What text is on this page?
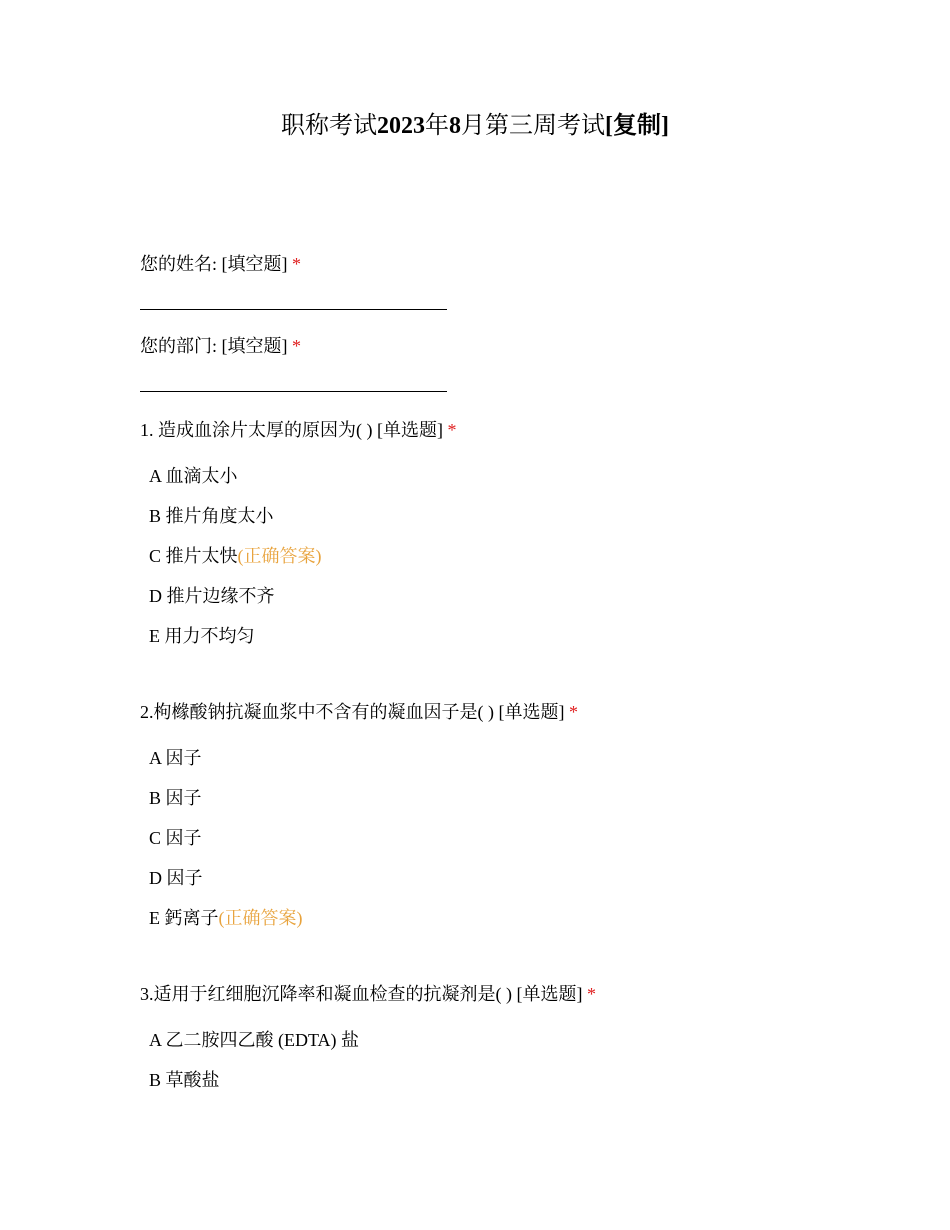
职称考试2023年8月第三周考试[复制]
您的姓名: [填空题] *
您的部门: [填空题] *
1. 造成血涂片太厚的原因为( ) [单选题] *
A 血滴太小
B 推片角度太小
C 推片太快(正确答案)
D 推片边缘不齐
E 用力不均匀
2.枸橼酸钠抗凝血浆中不含有的凝血因子是( ) [单选题] *
A 因子
B 因子
C 因子
D 因子
E 鈣离子(正确答案)
3.适用于红细胞沉降率和凝血检查的抗凝剂是( ) [单选题] *
A 乙二胺四乙酸 (EDTA) 盐
B 草酸盐
